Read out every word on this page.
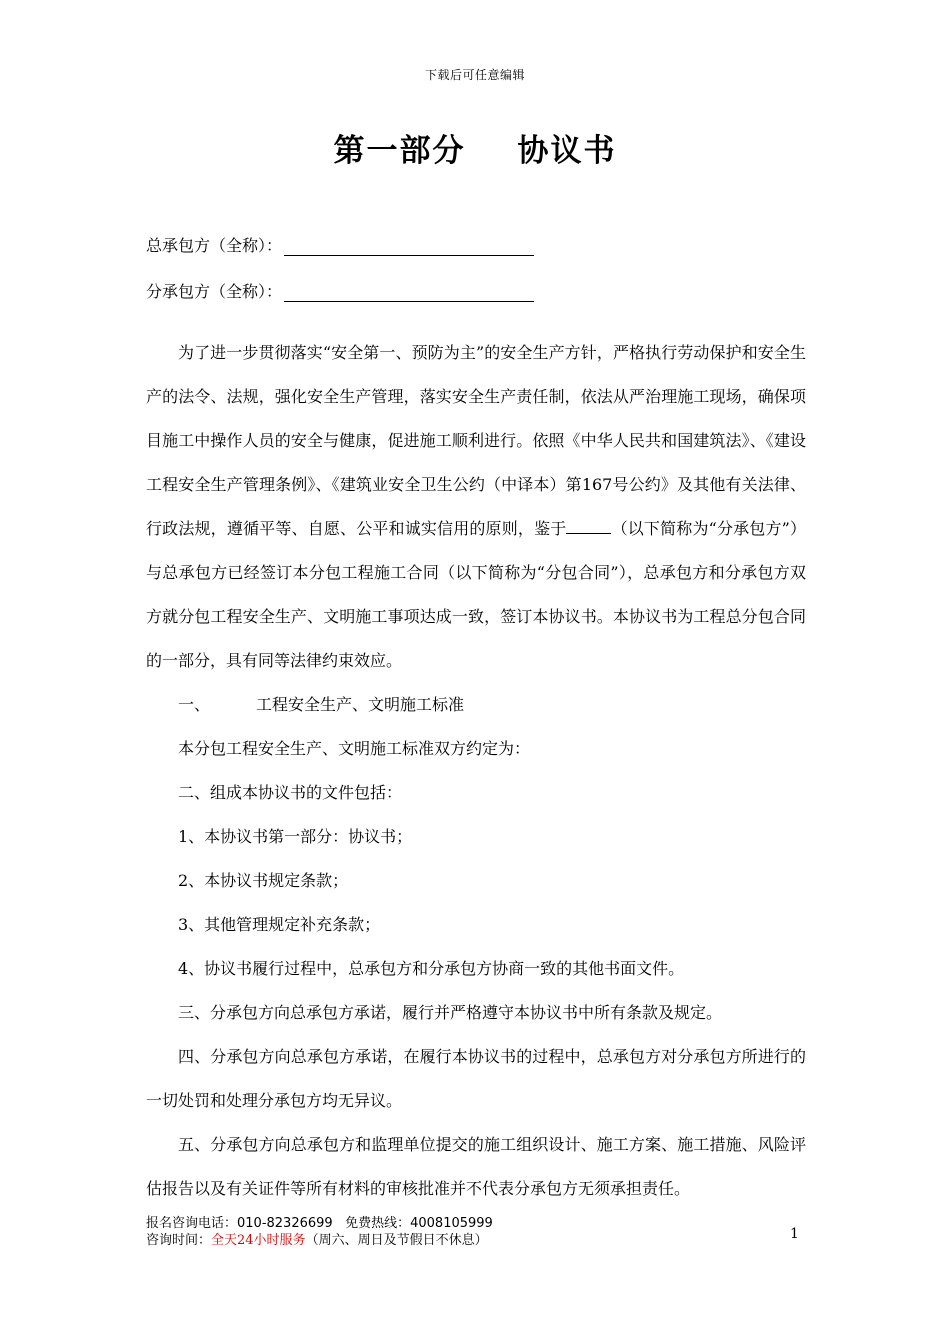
下载后可任意编辑
第一部分 协议书
总承包方（全称）：
分承包方（全称）：
为了进一步贯彻落实“安全第一、预防为主”的安全生产方针，严格执行劳动保护和安全生产的法令、法规，强化安全生产管理，落实安全生产责任制，依法从严治理施工现场，确保项目施工中操作人员的安全与健康，促进施工顺利进行。依照《中华人民共和国建筑法》、《建设工程安全生产管理条例》、《建筑业安全卫生公约（中译本）第167号公约》及其他有关法律、行政法规，遵循平等、自愿、公平和诚实信用的原则，鉴于	（以下简称为“分承包方”）与总承包方已经签订本分包工程施工合同（以下简称为“分包合同”），总承包方和分承包方双方就分包工程安全生产、文明施工事项达成一致，签订本协议书。本协议书为工程总分包合同的一部分，具有同等法律约束效应。
一、	工程安全生产、文明施工标准
本分包工程安全生产、文明施工标准双方约定为：
二、组成本协议书的文件包括：
1、本协议书第一部分：协议书；
2、本协议书规定条款；
3、其他管理规定补充条款；
4、协议书履行过程中，总承包方和分承包方协商一致的其他书面文件。
三、分承包方向总承包方承诺，履行并严格遵守本协议书中所有条款及规定。
四、分承包方向总承包方承诺，在履行本协议书的过程中，总承包方对分承包方所进行的一切处罚和处理分承包方均无异议。
五、分承包方向总承包方和监理单位提交的施工组织设计、施工方案、施工措施、风险评估报告以及有关证件等所有材料的审核批准并不代表分承包方无须承担责任。
报名咨询电话：010-82326699 免费热线：4008105999
咨询时间：全天24小时服务（周六、周日及节假日不休息）	1
